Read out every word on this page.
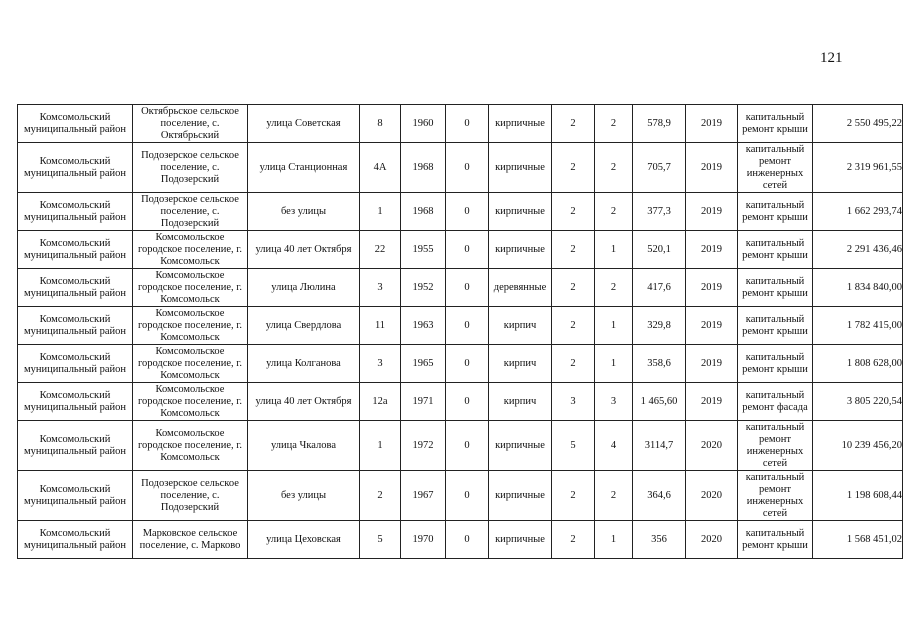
121
Комсомольский муниципальный район	Октябрьское сельское поселение, с. Октябрьский	улица Советская	8	1960	0	кирпичные	2	2	578,9	2019	капитальный ремонт крыши	2 550 495,22
Комсомольский муниципальный район	Подозерское сельское поселение, с. Подозерский	улица Станционная	4А	1968	0	кирпичные	2	2	705,7	2019	капитальный ремонт инженерных сетей	2 319 961,55
Комсомольский муниципальный район	Подозерское сельское поселение, с. Подозерский	без улицы	1	1968	0	кирпичные	2	2	377,3	2019	капитальный ремонт крыши	1 662 293,74
Комсомольский муниципальный район	Комсомольское городское поселение, г. Комсомольск	улица 40 лет Октября	22	1955	0	кирпичные	2	1	520,1	2019	капитальный ремонт крыши	2 291 436,46
Комсомольский муниципальный район	Комсомольское городское поселение, г. Комсомольск	улица Люлина	3	1952	0	деревянные	2	2	417,6	2019	капитальный ремонт крыши	1 834 840,00
Комсомольский муниципальный район	Комсомольское городское поселение, г. Комсомольск	улица Свердлова	11	1963	0	кирпич	2	1	329,8	2019	капитальный ремонт крыши	1 782 415,00
Комсомольский муниципальный район	Комсомольское городское поселение, г. Комсомольск	улица Колганова	3	1965	0	кирпич	2	1	358,6	2019	капитальный ремонт крыши	1 808 628,00
Комсомольский муниципальный район	Комсомольское городское поселение, г. Комсомольск	улица 40 лет Октября	12а	1971	0	кирпич	3	3	1 465,60	2019	капитальный ремонт фасада	3 805 220,54
Комсомольский муниципальный район	Комсомольское городское поселение, г. Комсомольск	улица Чкалова	1	1972	0	кирпичные	5	4	3114,7	2020	капитальный ремонт инженерных сетей	10 239 456,20
Комсомольский муниципальный район	Подозерское сельское поселение, с. Подозерский	без улицы	2	1967	0	кирпичные	2	2	364,6	2020	капитальный ремонт инженерных сетей	1 198 608,44
Комсомольский муниципальный район	Марковское сельское поселение, с. Марково	улица Цеховская	5	1970	0	кирпичные	2	1	356	2020	капитальный ремонт крыши	1 568 451,02
